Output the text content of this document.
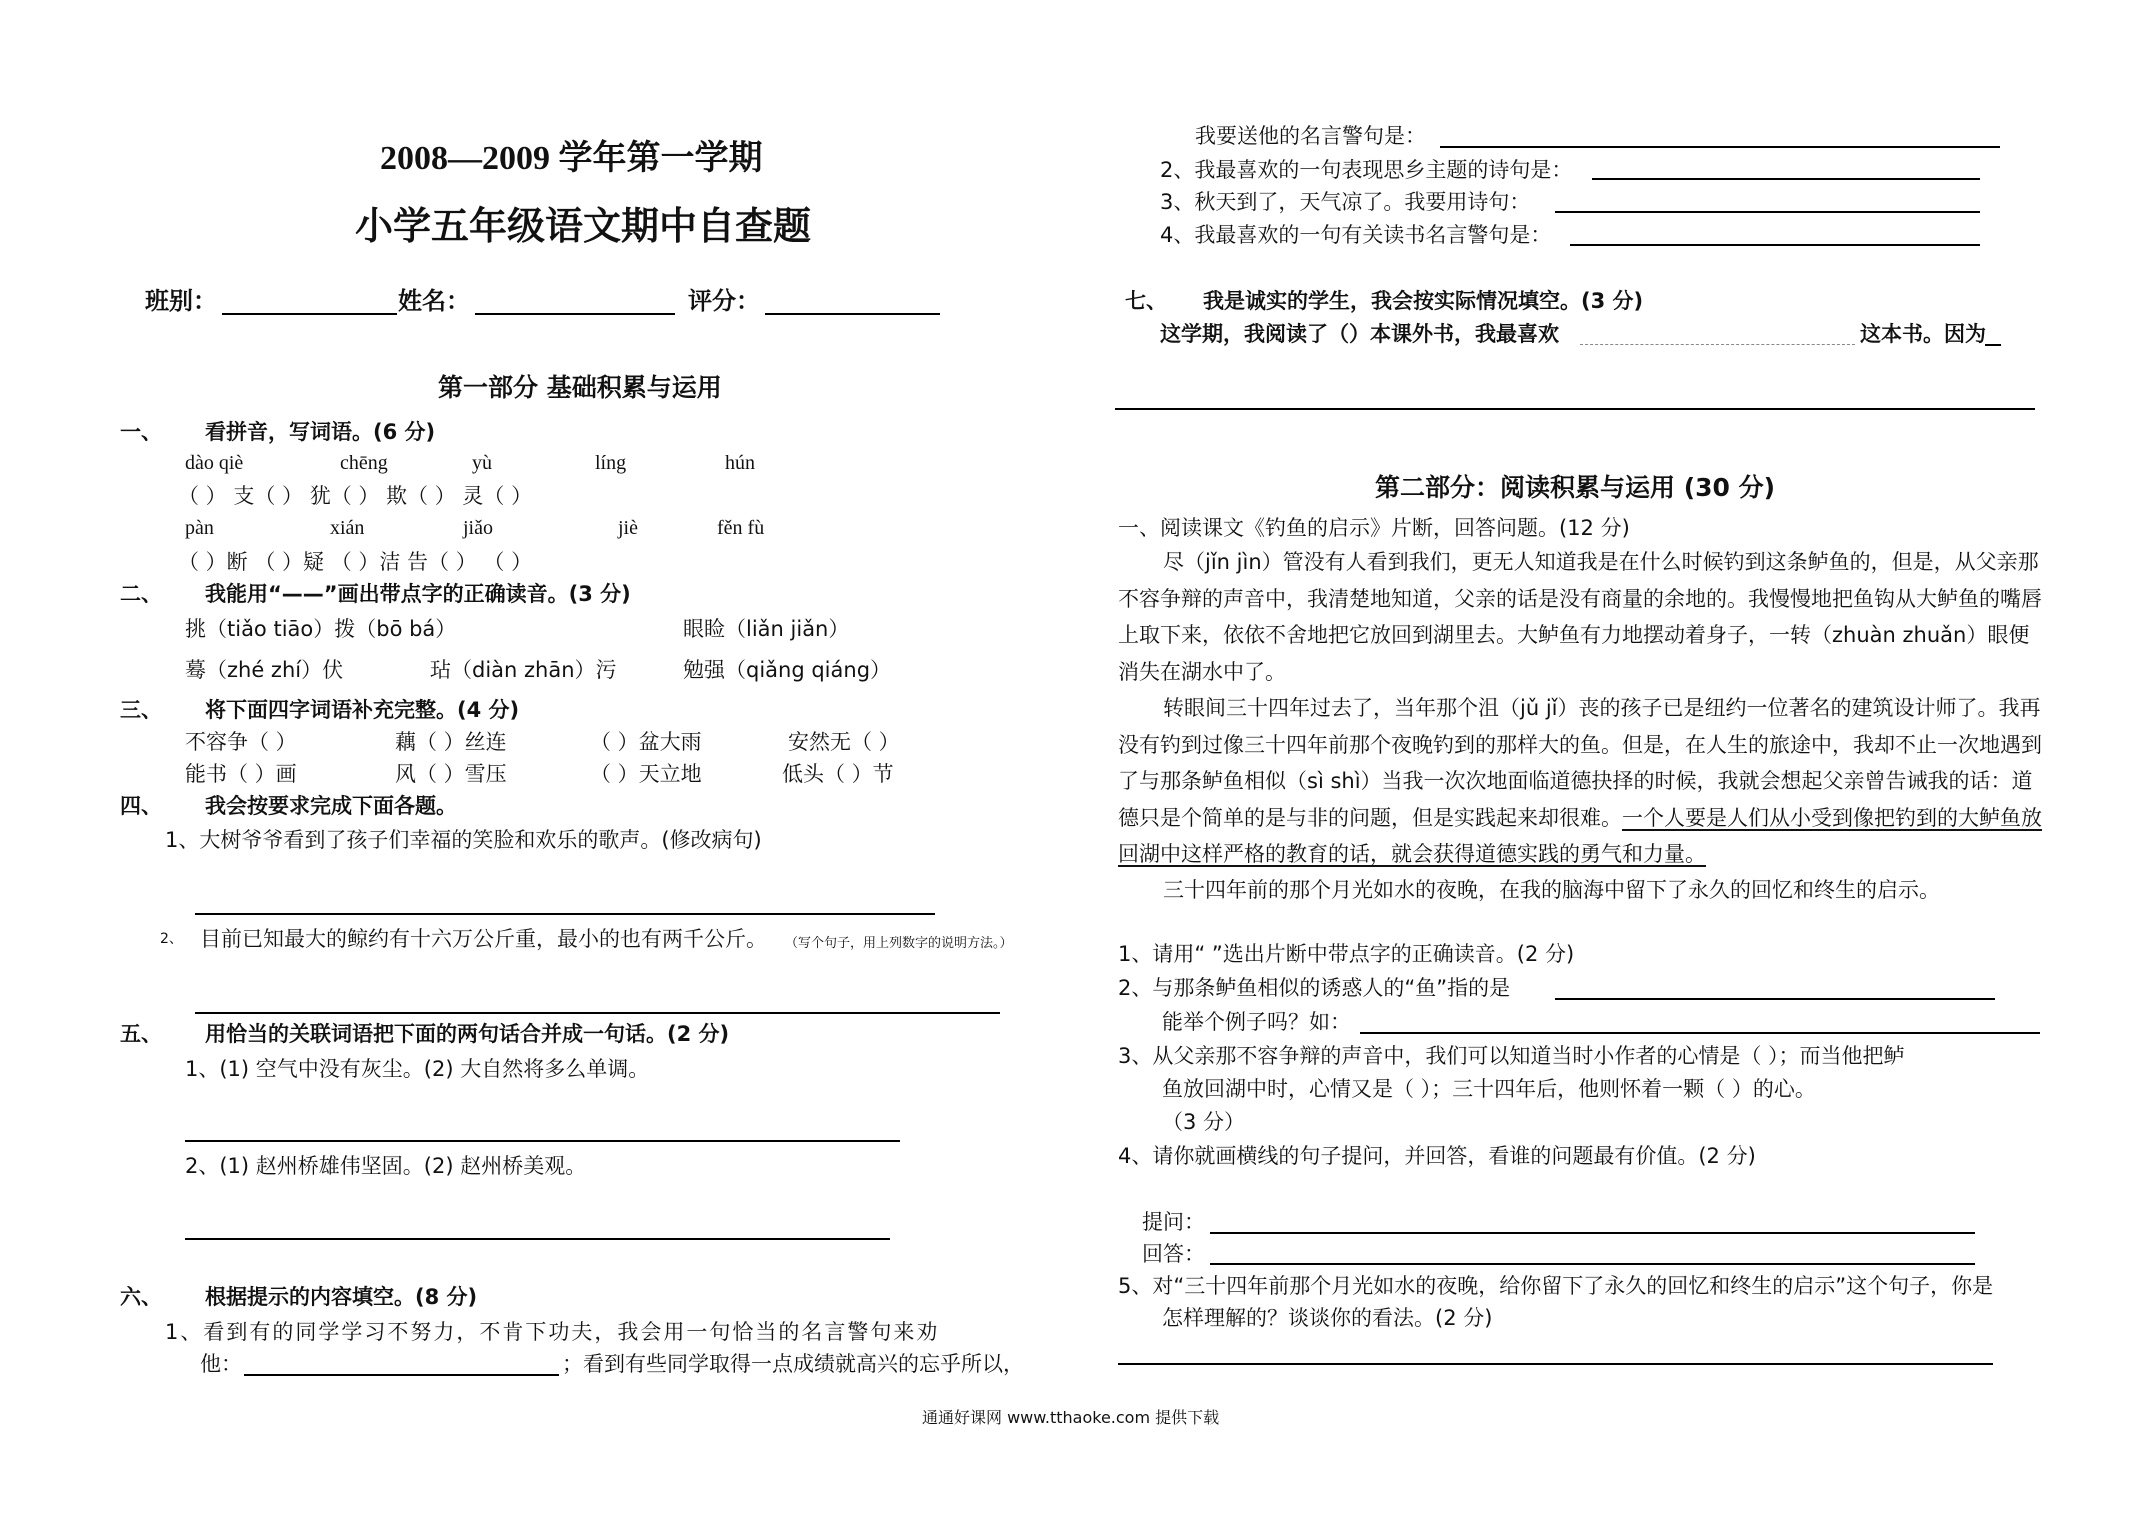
2008—2009 学年第一学期
小学五年级语文期中自查题
班别：	姓名：	评分：
第一部分 基础积累与运用
一、 看拼音，写词语。(6 分)
dào qiè	chēng	yù	líng	hún
（ ） 支（ ） 犹（ ） 欺（ ） 灵（ ）
pàn	xián	jiǎo	jiè	fěn fù
（ ）断 （ ）疑 （ ）洁 告（ ） （ ）
二、 我能用“——”画出带点字的正确读音。(3 分)
挑（tiǎo tiāo）拨（bō bá）	眼睑（liǎn jiǎn）
蓦（zhé zhí）伏	玷（diàn zhān）污	勉强（qiǎng qiáng）
三、 将下面四字词语补充完整。(4 分)
不容争（ ）	藕（ ）丝连	（ ）盆大雨	安然无（ ）
能书（ ）画	风（ ）雪压	（ ）天立地	低头（ ）节
四、 我会按要求完成下面各题。
1、大树爷爷看到了孩子们幸福的笑脸和欢乐的歌声。(修改病句)
2、 目前已知最大的鲸约有十六万公斤重，最小的也有两千公斤。 （写个句子，用上列数字的说明方法。）
五、 用恰当的关联词语把下面的两句话合并成一句话。(2 分)
1、(1) 空气中没有灰尘。(2) 大自然将多么单调。
2、(1) 赵州桥雄伟坚固。(2) 赵州桥美观。
六、 根据提示的内容填空。(8 分)
1、看到有的同学学习不努力，不肯下功夫，我会用一句恰当的名言警句来劝
他：	；看到有些同学取得一点成绩就高兴的忘乎所以，
我要送他的名言警句是：
2、我最喜欢的一句表现思乡主题的诗句是：
3、秋天到了，天气凉了。我要用诗句：
4、我最喜欢的一句有关读书名言警句是：
七、 我是诚实的学生，我会按实际情况填空。(3 分)
这学期，我阅读了（）本课外书，我最喜欢	这本书。因为
第二部分：阅读积累与运用 (30 分)
一、阅读课文《钓鱼的启示》片断，回答问题。(12 分)
尽（jǐn jìn）管没有人看到我们，更无人知道我是在什么时候钓到这条鲈鱼的，但是，从父亲那不容争辩的声音中，我清楚地知道，父亲的话是没有商量的余地的。我慢慢地把鱼钩从大鲈鱼的嘴唇上取下来，依依不舍地把它放回到湖里去。大鲈鱼有力地摆动着身子，一转（zhuàn zhuǎn）眼便消失在湖水中了。
转眼间三十四年过去了，当年那个沮（jǔ jǐ）丧的孩子已是纽约一位著名的建筑设计师了。我再没有钓到过像三十四年前那个夜晚钓到的那样大的鱼。但是，在人生的旅途中，我却不止一次地遇到了与那条鲈鱼相似（sì shì）当我一次次地面临道德抉择的时候，我就会想起父亲曾告诫我的话：道德只是个简单的是与非的问题，但是实践起来却很难。一个人要是人们从小受到像把钓到的大鲈鱼放回湖中这样严格的教育的话，就会获得道德实践的勇气和力量。
三十四年前的那个月光如水的夜晚，在我的脑海中留下了永久的回忆和终生的启示。
1、请用“ ”选出片断中带点字的正确读音。(2 分)
2、与那条鲈鱼相似的诱惑人的“鱼”指的是
能举个例子吗？如：
3、从父亲那不容争辩的声音中，我们可以知道当时小作者的心情是（ ）；而当他把鲈
鱼放回湖中时，心情又是（ ）；三十四年后，他则怀着一颗（ ）的心。
（3 分）
4、请你就画横线的句子提问，并回答，看谁的问题最有价值。(2 分)
提问：
回答：
5、对“三十四年前那个月光如水的夜晚，给你留下了永久的回忆和终生的启示”这个句子，你是
怎样理解的？谈谈你的看法。(2 分)
通通好课网 www.tthaoke.com 提供下载
